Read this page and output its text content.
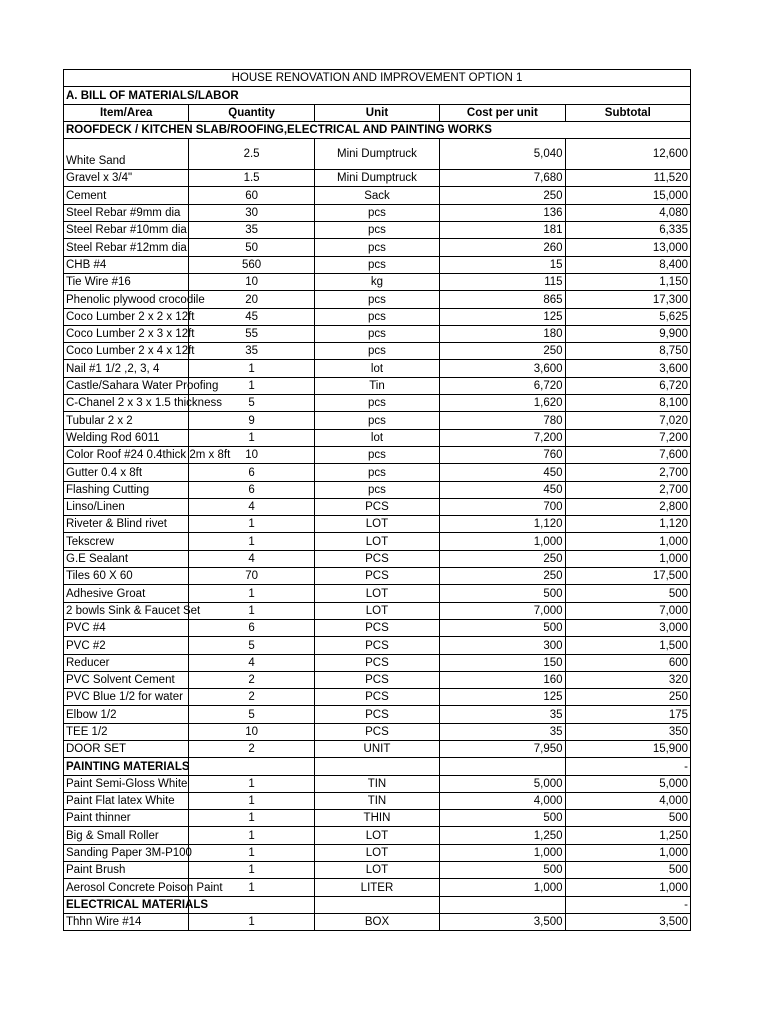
HOUSE RENOVATION AND IMPROVEMENT OPTION 1				
A. BILL OF MATERIALS/LABOR				
Item/Area	Quantity	Unit	Cost per unit	Subtotal
ROOFDECK / KITCHEN SLAB/ROOFING,ELECTRICAL AND PAINTING WORKS				
White Sand	2.5	Mini Dumptruck	5,040	12,600
Gravel x 3/4"	1.5	Mini Dumptruck	7,680	11,520
Cement	60	Sack	250	15,000
Steel Rebar #9mm dia	30	pcs	136	4,080
Steel Rebar #10mm dia	35	pcs	181	6,335
Steel Rebar #12mm dia	50	pcs	260	13,000
CHB #4	560	pcs	15	8,400
Tie Wire #16	10	kg	115	1,150
Phenolic plywood crocodile	20	pcs	865	17,300
Coco Lumber 2 x 2 x 12ft	45	pcs	125	5,625
Coco Lumber 2 x 3 x 12ft	55	pcs	180	9,900
Coco Lumber 2 x 4 x 12ft	35	pcs	250	8,750
Nail #1 1/2 ,2, 3, 4	1	lot	3,600	3,600
Castle/Sahara Water Proofing	1	Tin	6,720	6,720
C-Chanel 2 x 3 x 1.5 thickness	5	pcs	1,620	8,100
Tubular 2 x 2	9	pcs	780	7,020
Welding Rod 6011	1	lot	7,200	7,200
Color Roof #24 0.4thick 2m x 8ft	10	pcs	760	7,600
Gutter 0.4 x 8ft	6	pcs	450	2,700
Flashing Cutting	6	pcs	450	2,700
Linso/Linen	4	PCS	700	2,800
Riveter & Blind rivet	1	LOT	1,120	1,120
Tekscrew	1	LOT	1,000	1,000
G.E Sealant	4	PCS	250	1,000
Tiles 60 X 60	70	PCS	250	17,500
Adhesive Groat	1	LOT	500	500
2 bowls Sink & Faucet Set	1	LOT	7,000	7,000
PVC #4	6	PCS	500	3,000
PVC #2	5	PCS	300	1,500
Reducer	4	PCS	150	600
PVC Solvent Cement	2	PCS	160	320
PVC Blue 1/2 for water	2	PCS	125	250
Elbow 1/2	5	PCS	35	175
TEE 1/2	10	PCS	35	350
DOOR SET	2	UNIT	7,950	15,900
PAINTING MATERIALS				-
Paint Semi-Gloss White	1	TIN	5,000	5,000
Paint Flat latex White	1	TIN	4,000	4,000
Paint thinner	1	THIN	500	500
Big & Small Roller	1	LOT	1,250	1,250
Sanding Paper 3M-P100	1	LOT	1,000	1,000
Paint Brush	1	LOT	500	500
Aerosol Concrete Poison Paint	1	LITER	1,000	1,000
ELECTRICAL MATERIALS				-
Thhn Wire #14	1	BOX	3,500	3,500
